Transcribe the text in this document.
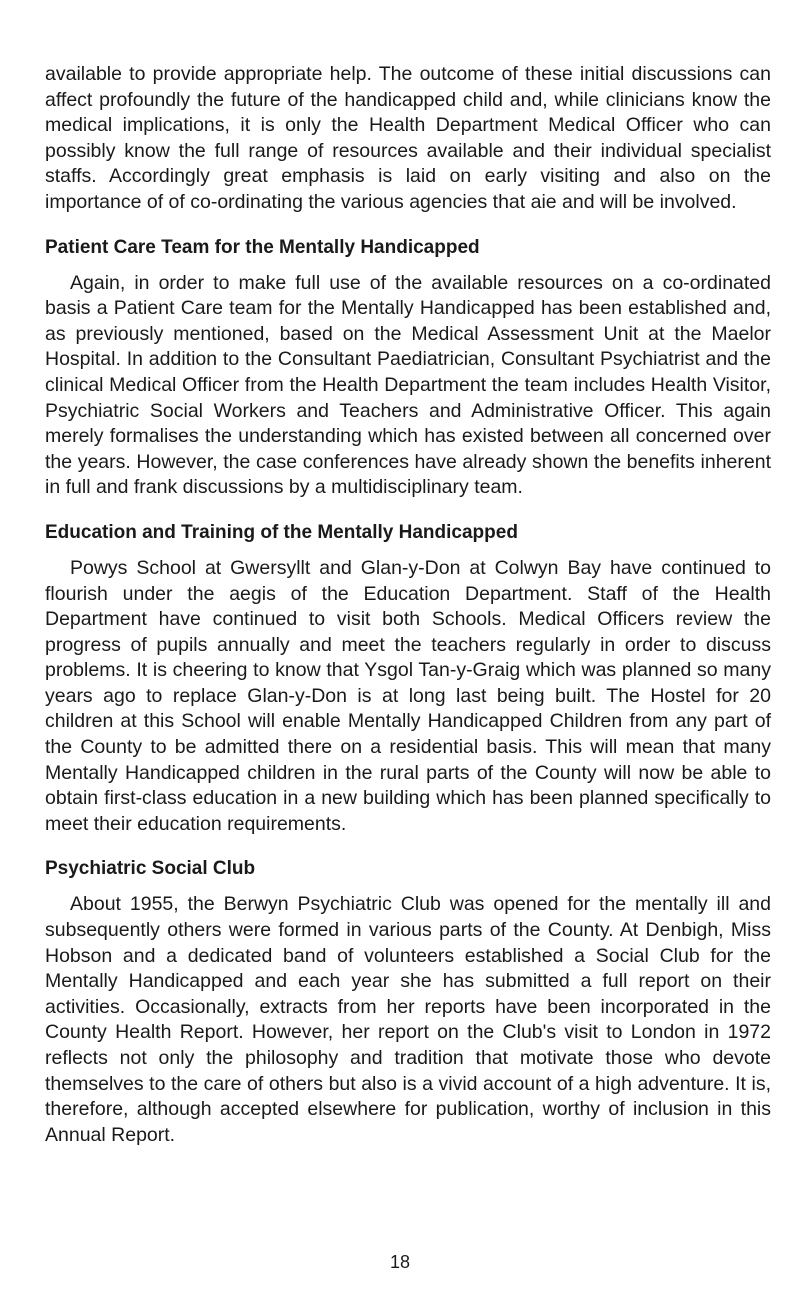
available to provide appropriate help. The outcome of these initial discussions can affect profoundly the future of the handicapped child and, while clinicians know the medical implications, it is only the Health Department Medical Officer who can possibly know the full range of resources available and their individual specialist staffs. Accordingly great emphasis is laid on early visiting and also on the importance of of co-ordinating the various agencies that aie and will be involved.

Patient Care Team for the Mentally Handicapped

Again, in order to make full use of the available resources on a co-ordinated basis a Patient Care team for the Mentally Handicapped has been established and, as previously mentioned, based on the Medical Assessment Unit at the Maelor Hospital. In addition to the Consultant Paediatrician, Consultant Psychiatrist and the clinical Medical Officer from the Health Department the team includes Health Visitor, Psychiatric Social Workers and Teachers and Administrative Officer. This again merely formalises the understanding which has existed between all concerned over the years. However, the case conferences have already shown the benefits inherent in full and frank discussions by a multidisciplinary team.

Education and Training of the Mentally Handicapped

Powys School at Gwersyllt and Glan-y-Don at Colwyn Bay have continued to flourish under the aegis of the Education Department. Staff of the Health Department have continued to visit both Schools. Medical Officers review the progress of pupils annually and meet the teachers regularly in order to discuss problems. It is cheering to know that Ysgol Tan-y-Graig which was planned so many years ago to replace Glan-y-Don is at long last being built. The Hostel for 20 children at this School will enable Mentally Handicapped Children from any part of the County to be admitted there on a residential basis. This will mean that many Mentally Handicapped children in the rural parts of the County will now be able to obtain first-class education in a new building which has been planned specifically to meet their education requirements.

Psychiatric Social Club

About 1955, the Berwyn Psychiatric Club was opened for the mentally ill and subsequently others were formed in various parts of the County. At Denbigh, Miss Hobson and a dedicated band of volunteers established a Social Club for the Mentally Handicapped and each year she has submitted a full report on their activities. Occasionally, extracts from her reports have been incorporated in the County Health Report. However, her report on the Club's visit to London in 1972 reflects not only the philosophy and tradition that motivate those who devote themselves to the care of others but also is a vivid account of a high adventure. It is, therefore, although accepted elsewhere for publication, worthy of inclusion in this Annual Report.

18
